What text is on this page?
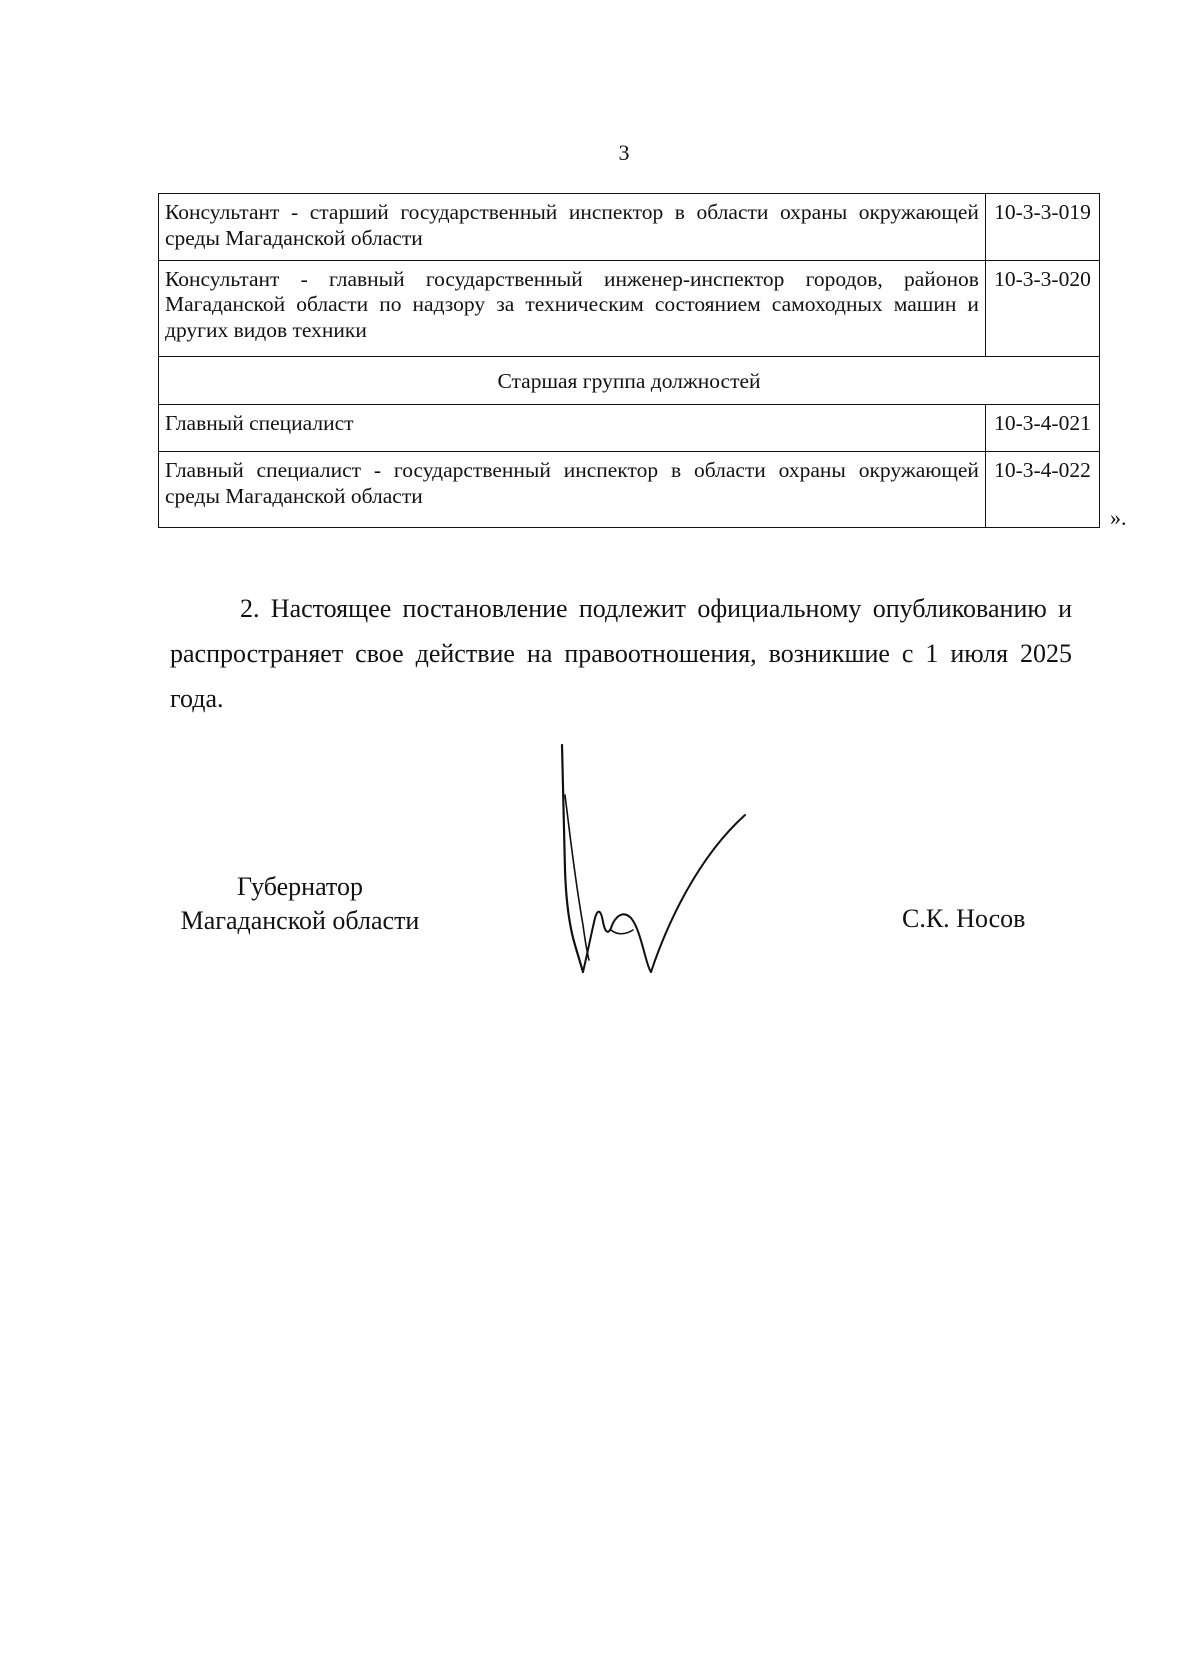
3
Консультант - старший государственный инспектор в области охраны окружающей среды Магаданской области	10-3-3-019
Консультант - главный государственный инженер-инспектор городов, районов Магаданской области по надзору за техническим состоянием самоходных машин и других видов техники	10-3-3-020
Старшая группа должностей	
Главный специалист	10-3-4-021
Главный специалист - государственный инспектор в области охраны окружающей среды Магаданской области	10-3-4-022
».

2. Настоящее постановление подлежит официальному опубликованию и распространяет свое действие на правоотношения, возникшие с 1 июля 2025 года.

Губернатор
Магаданской области	С.К. Носов
